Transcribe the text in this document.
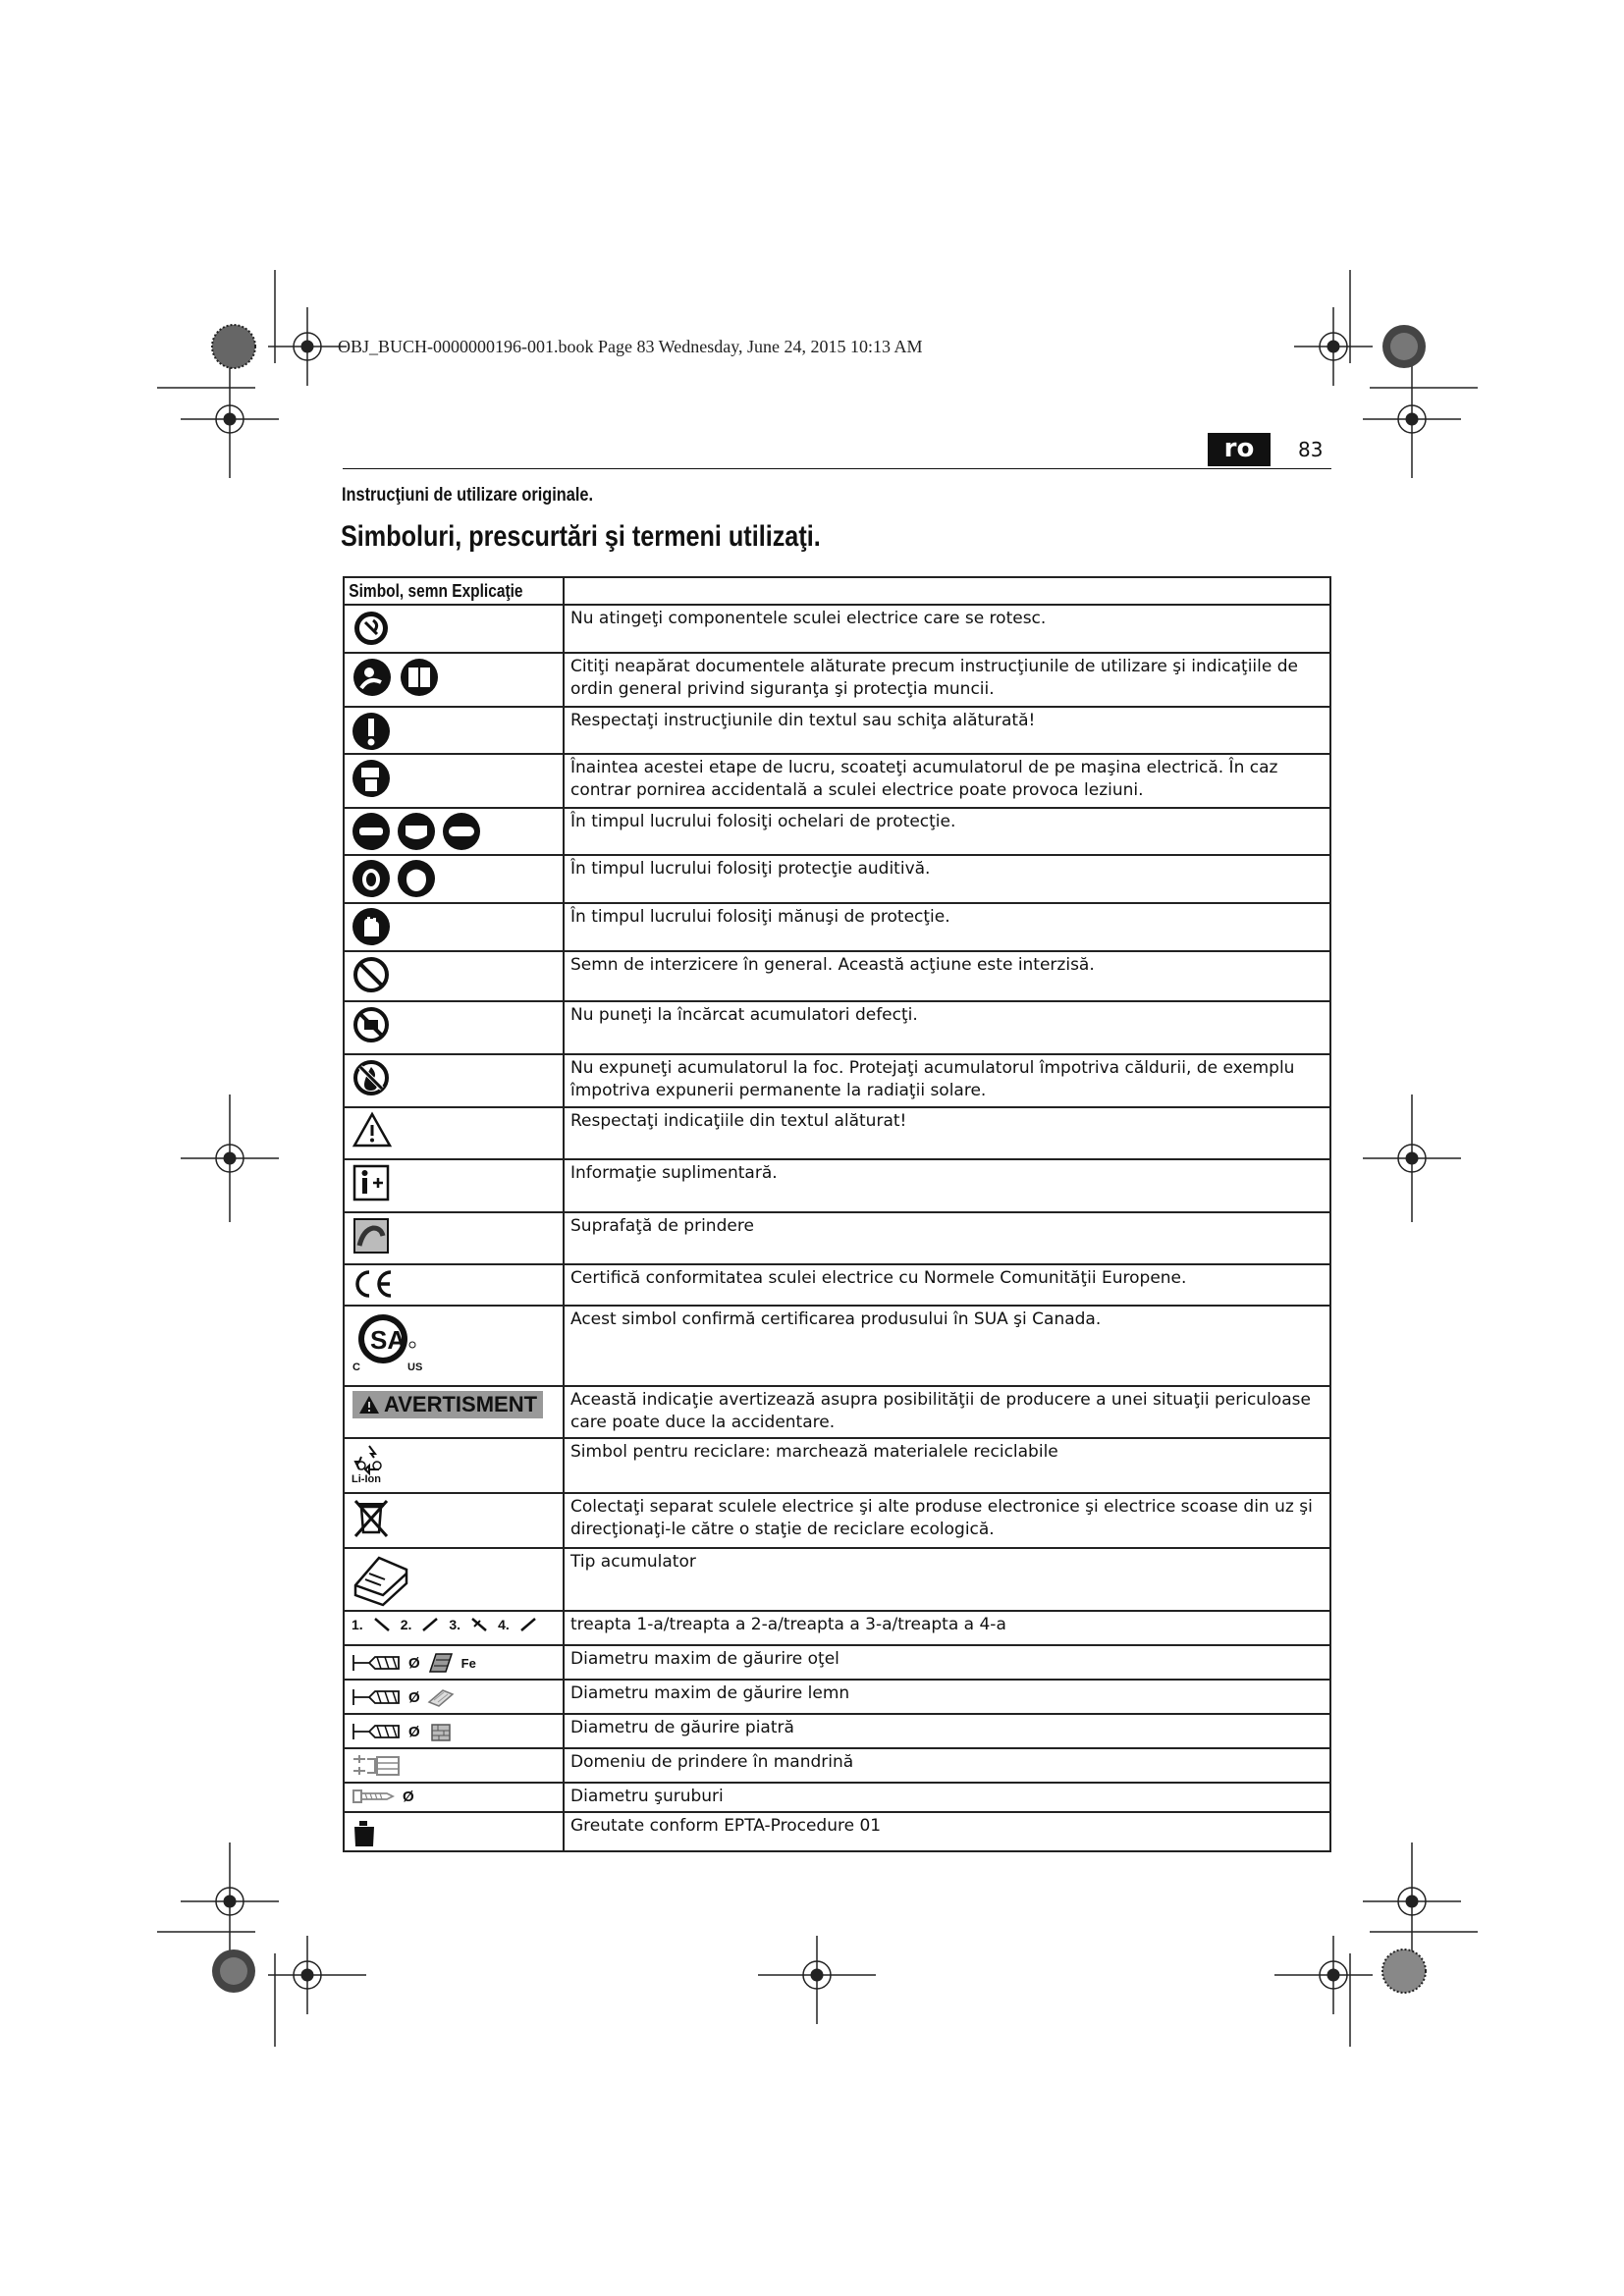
OBJ_BUCH-0000000196-001.book Page 83 Wednesday, June 24, 2015 10:13 AM
ro	83
Instrucţiuni de utilizare originale.
Simboluri, prescurtări şi termeni utilizaţi.
Simbol, semn Explicaţie	

	Nu atingeţi componentele sculei electrice care se rotesc.

	Citiţi neapărat documentele alăturate precum instrucţiunile de utilizare şi indicaţiile de ordin general privind siguranţa şi protecţia muncii.

	Respectaţi instrucţiunile din textul sau schiţa alăturată!

	Înaintea acestei etape de lucru, scoateţi acumulatorul de pe maşina electrică. În caz contrar pornirea accidentală a sculei electrice poate provoca leziuni.

	În timpul lucrului folosiţi ochelari de protecţie.

	În timpul lucrului folosiţi protecţie auditivă.

	În timpul lucrului folosiţi mănuşi de protecţie.

	Semn de interzicere în general. Această acţiune este interzisă.

	Nu puneţi la încărcat acumulatori defecţi.

	Nu expuneţi acumulatorul la foc. Protejaţi acumulatorul împotriva căldurii, de exemplu împotriva expunerii permanente la radiaţii solare.

	Respectaţi indicaţiile din textul alăturat!

	Informaţie suplimentară.

	Suprafaţă de prindere

	Certifică conformitatea sculei electrice cu Normele Comunităţii Europene.

SA
C US	Acest simbol confirmă certificarea produsului în SUA şi Canada.

AVERTISMENT	Această indicaţie avertizează asupra posibilităţii de producere a unei situaţii periculoase care poate duce la accidentare.

Li-Ion	Simbol pentru reciclare: marchează materialele reciclabile

	Colectaţi separat sculele electrice şi alte produse electronice şi electrice scoase din uz şi direcţionaţi-le către o staţie de reciclare ecologică.

	Tip acumulator

1. 2. 3. 4.	treapta 1-a/treapta a 2-a/treapta a 3-a/treapta a 4-a

Ø Fe	Diametru maxim de găurire oţel

Ø	Diametru maxim de găurire lemn

Ø	Diametru de găurire piatră

	Domeniu de prindere în mandrină

Ø	Diametru şuruburi

	Greutate conform EPTA-Procedure 01
